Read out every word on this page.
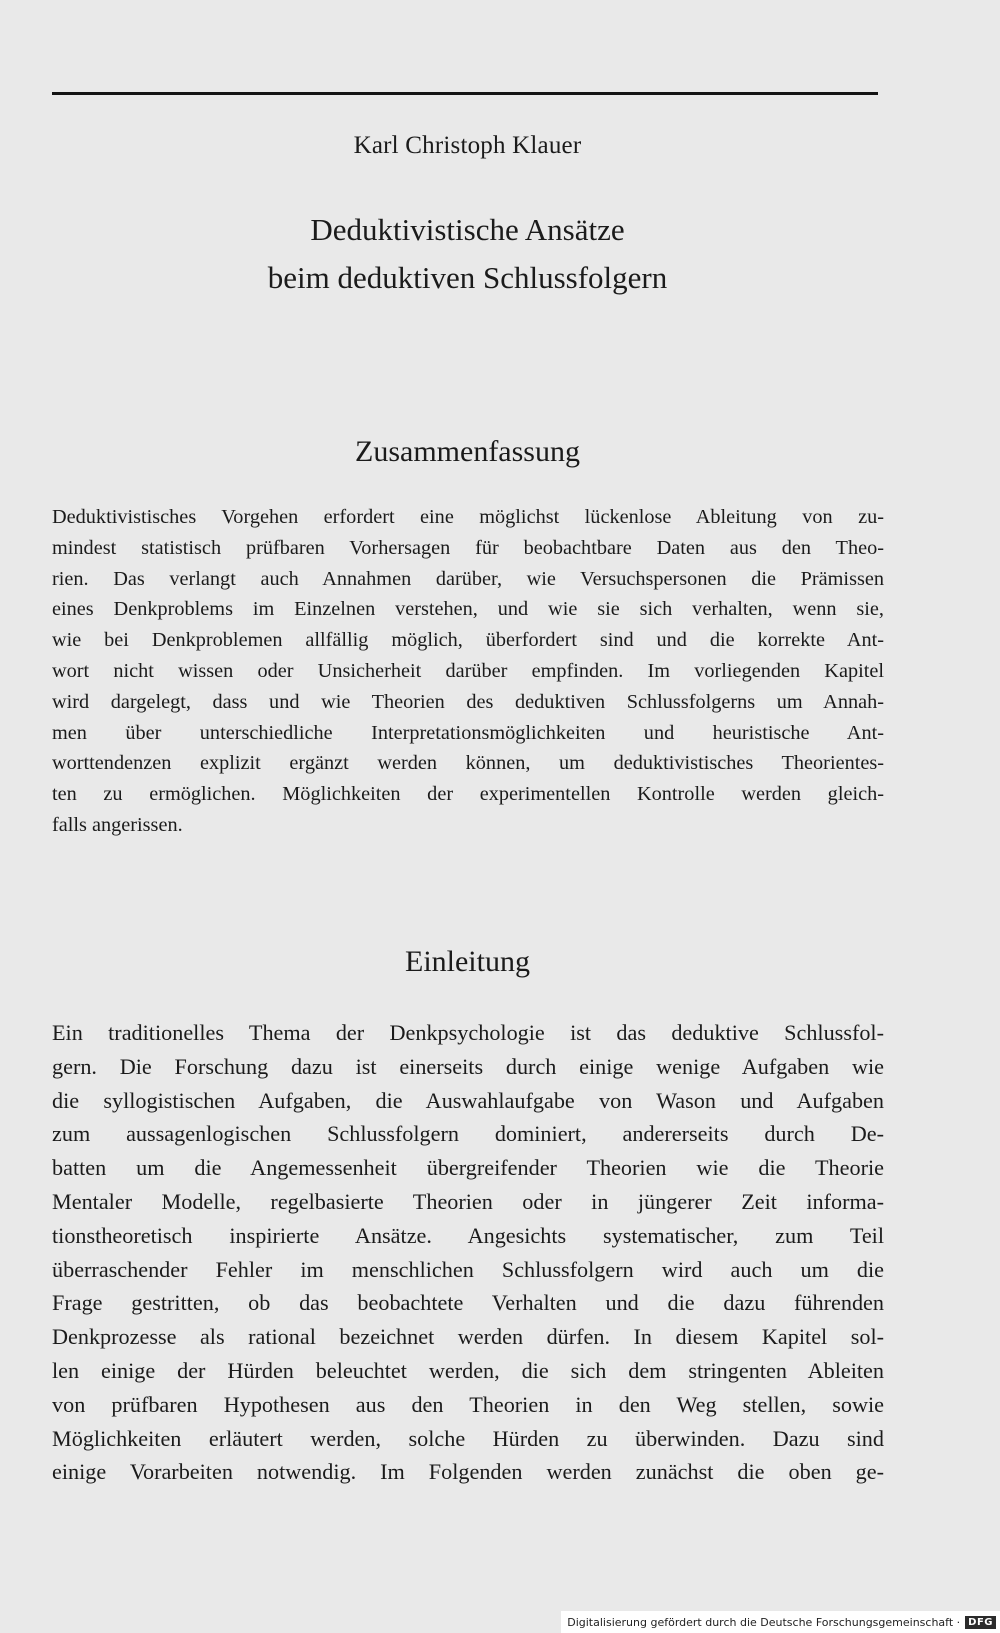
Karl Christoph Klauer
Deduktivistische Ansätze
beim deduktiven Schlussfolgern
Zusammenfassung
Deduktivistisches Vorgehen erfordert eine möglichst lückenlose Ableitung von zu-
mindest statistisch prüfbaren Vorhersagen für beobachtbare Daten aus den Theo-
rien. Das verlangt auch Annahmen darüber, wie Versuchspersonen die Prämissen
eines Denkproblems im Einzelnen verstehen, und wie sie sich verhalten, wenn sie,
wie bei Denkproblemen allfällig möglich, überfordert sind und die korrekte Ant-
wort nicht wissen oder Unsicherheit darüber empfinden. Im vorliegenden Kapitel
wird dargelegt, dass und wie Theorien des deduktiven Schlussfolgerns um Annah-
men über unterschiedliche Interpretationsmöglichkeiten und heuristische Ant-
worttendenzen explizit ergänzt werden können, um deduktivistisches Theorientes-
ten zu ermöglichen. Möglichkeiten der experimentellen Kontrolle werden gleich-
falls angerissen.
Einleitung
Ein traditionelles Thema der Denkpsychologie ist das deduktive Schlussfol-
gern. Die Forschung dazu ist einerseits durch einige wenige Aufgaben wie
die syllogistischen Aufgaben, die Auswahlaufgabe von Wason und Aufgaben
zum aussagenlogischen Schlussfolgern dominiert, andererseits durch De-
batten um die Angemessenheit übergreifender Theorien wie die Theorie
Mentaler Modelle, regelbasierte Theorien oder in jüngerer Zeit informa-
tionstheoretisch inspirierte Ansätze. Angesichts systematischer, zum Teil
überraschender Fehler im menschlichen Schlussfolgern wird auch um die
Frage gestritten, ob das beobachtete Verhalten und die dazu führenden
Denkprozesse als rational bezeichnet werden dürfen. In diesem Kapitel sol-
len einige der Hürden beleuchtet werden, die sich dem stringenten Ableiten
von prüfbaren Hypothesen aus den Theorien in den Weg stellen, sowie
Möglichkeiten erläutert werden, solche Hürden zu überwinden. Dazu sind
einige Vorarbeiten notwendig. Im Folgenden werden zunächst die oben ge-
Digitalisierung gefördert durch die Deutsche Forschungsgemeinschaft · DFG
